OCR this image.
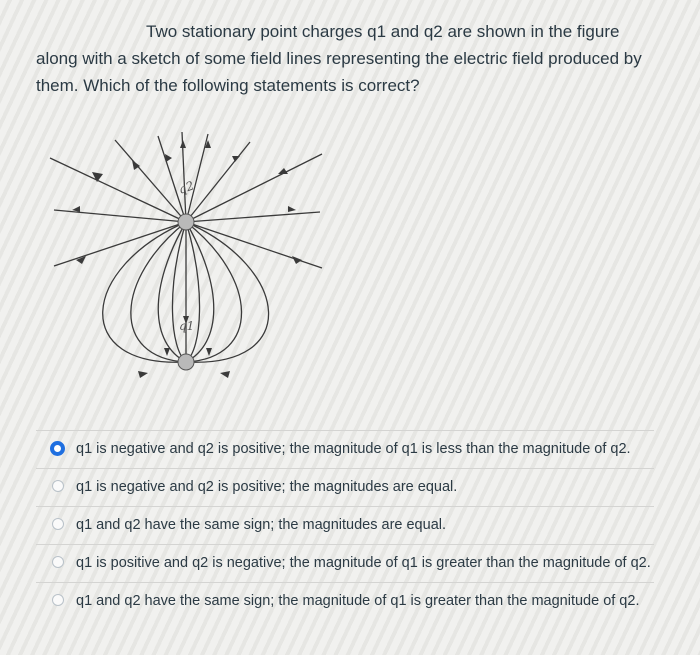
Two stationary point charges q1 and q2 are shown in the figure along with a sketch of some field lines representing the electric field produced by them. Which of the following statements is correct?
q2
q1
q1 is negative and q2 is positive; the magnitude of q1 is less than the magnitude of q2.
q1 is negative and q2 is positive; the magnitudes are equal.
q1 and q2 have the same sign; the magnitudes are equal.
q1 is positive and q2 is negative; the magnitude of q1 is greater than the magnitude of q2.
q1 and q2 have the same sign; the magnitude of q1 is greater than the magnitude of q2.
